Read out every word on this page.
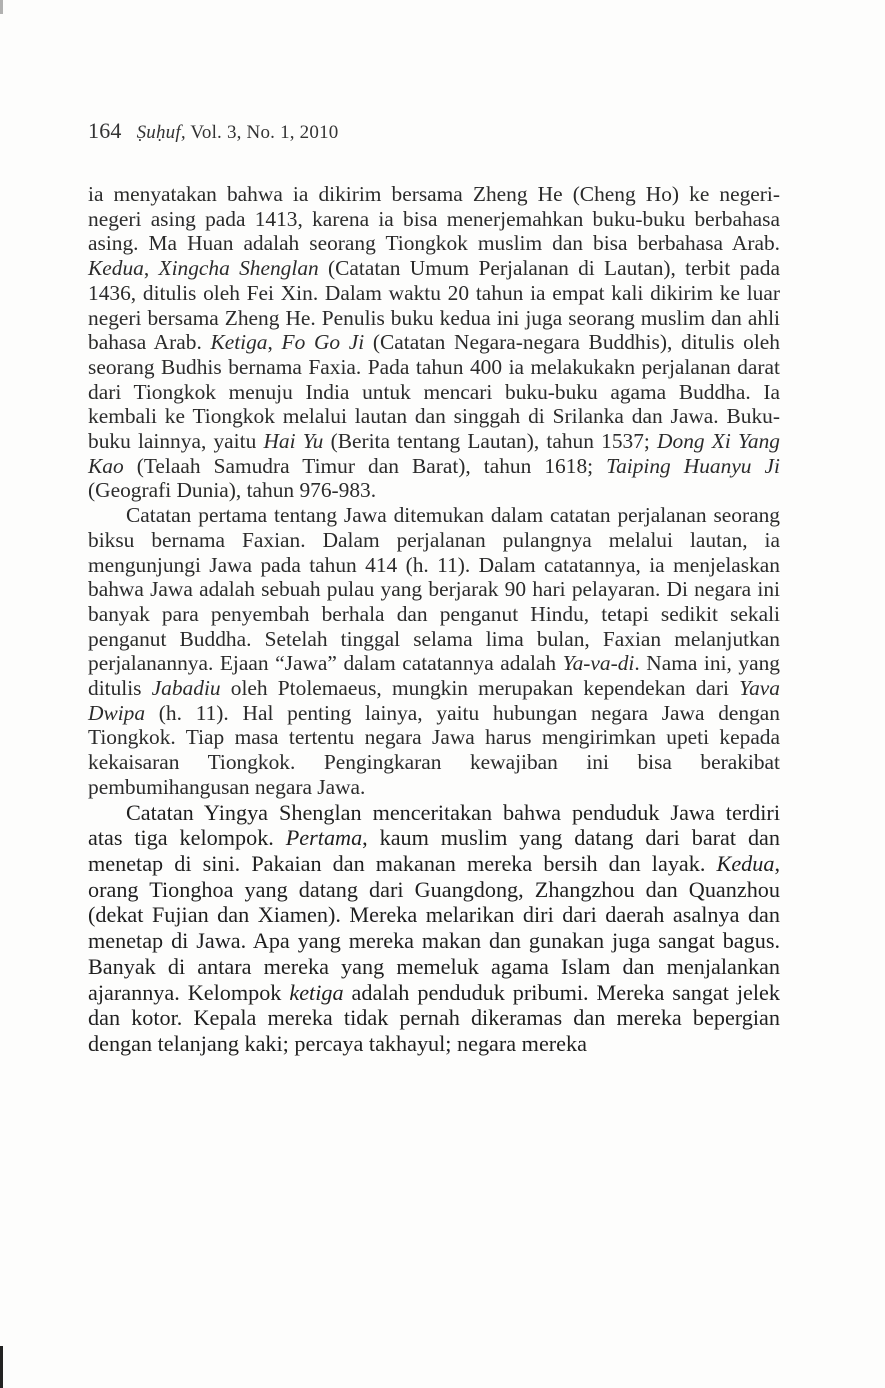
164 Ṣuḥuf, Vol. 3, No. 1, 2010

ia menyatakan bahwa ia dikirim bersama Zheng He (Cheng Ho) ke negeri-negeri asing pada 1413, karena ia bisa menerjemahkan buku-buku berbahasa asing. Ma Huan adalah seorang Tiongkok muslim dan bisa berbahasa Arab. Kedua, Xingcha Shenglan (Catatan Umum Perjalanan di Lautan), terbit pada 1436, ditulis oleh Fei Xin. Dalam waktu 20 tahun ia empat kali dikirim ke luar negeri bersama Zheng He. Penulis buku kedua ini juga seorang muslim dan ahli bahasa Arab. Ketiga, Fo Go Ji (Catatan Negara-negara Buddhis), ditulis oleh seorang Budhis bernama Faxia. Pada tahun 400 ia melakukakn perjalanan darat dari Tiongkok menuju India untuk mencari buku-buku agama Buddha. Ia kembali ke Tiongkok melalui lautan dan singgah di Srilanka dan Jawa. Buku-buku lainnya, yaitu Hai Yu (Berita tentang Lautan), tahun 1537; Dong Xi Yang Kao (Telaah Samudra Timur dan Barat), tahun 1618; Taiping Huanyu Ji (Geografi Dunia), tahun 976-983.

Catatan pertama tentang Jawa ditemukan dalam catatan perjalanan seorang biksu bernama Faxian. Dalam perjalanan pulangnya melalui lautan, ia mengunjungi Jawa pada tahun 414 (h. 11). Dalam catatannya, ia menjelaskan bahwa Jawa adalah sebuah pulau yang berjarak 90 hari pelayaran. Di negara ini banyak para penyembah berhala dan penganut Hindu, tetapi sedikit sekali penganut Buddha. Setelah tinggal selama lima bulan, Faxian melanjutkan perjalanannya. Ejaan “Jawa” dalam catatannya adalah Ya-va-di. Nama ini, yang ditulis Jabadiu oleh Ptolemaeus, mungkin merupakan kependekan dari Yava Dwipa (h. 11). Hal penting lainya, yaitu hubungan negara Jawa dengan Tiongkok. Tiap masa tertentu negara Jawa harus mengirimkan upeti kepada kekaisaran Tiongkok. Pengingkaran kewajiban ini bisa berakibat pembumihangusan negara Jawa.

Catatan Yingya Shenglan menceritakan bahwa penduduk Jawa terdiri atas tiga kelompok. Pertama, kaum muslim yang datang dari barat dan menetap di sini. Pakaian dan makanan mereka bersih dan layak. Kedua, orang Tionghoa yang datang dari Guangdong, Zhangzhou dan Quanzhou (dekat Fujian dan Xiamen). Mereka melarikan diri dari daerah asalnya dan menetap di Jawa. Apa yang mereka makan dan gunakan juga sangat bagus. Banyak di antara mereka yang memeluk agama Islam dan menjalankan ajarannya. Kelompok ketiga adalah penduduk pribumi. Mereka sangat jelek dan kotor. Kepala mereka tidak pernah dikeramas dan mereka bepergian dengan telanjang kaki; percaya takhayul; negara mereka
